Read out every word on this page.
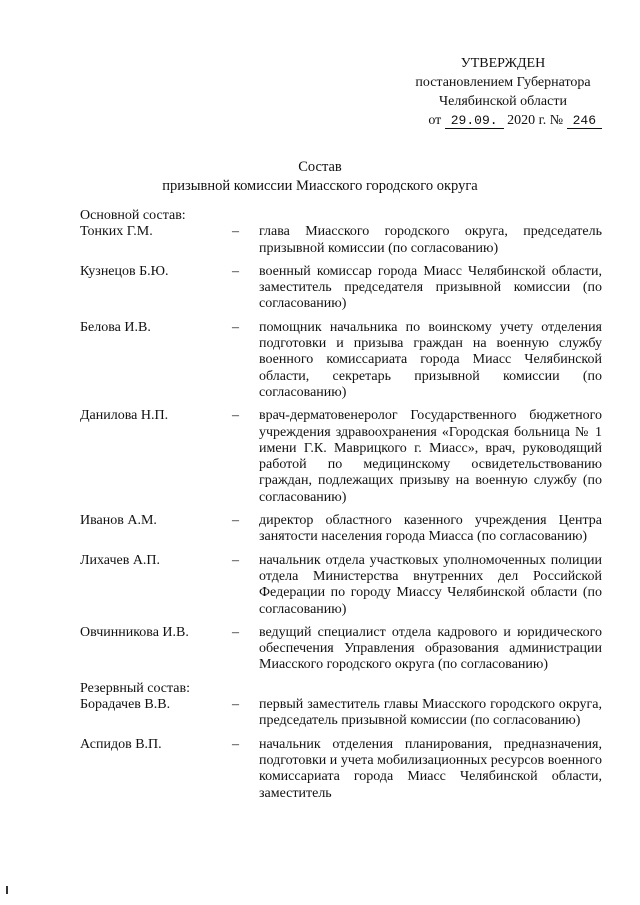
УТВЕРЖДЕН
постановлением Губернатора
Челябинской области
от 29.09. 2020 г. № 246
Состав
призывной комиссии Миасского городского округа
Основной состав:
Тонких Г.М.	–	глава Миасского городского округа, председатель призывной комиссии (по согласованию)
Кузнецов Б.Ю.	–	военный комиссар города Миасс Челябинской области, заместитель председателя призывной комиссии (по согласованию)
Белова И.В.	–	помощник начальника по воинскому учету отделения подготовки и призыва граждан на военную службу военного комиссариата города Миасс Челябинской области, секретарь призывной комиссии (по согласованию)
Данилова Н.П.	–	врач-дерматовенеролог Государственного бюджетного учреждения здравоохранения «Городская больница № 1 имени Г.К. Маврицкого г. Миасс», врач, руководящий работой по медицинскому освидетельствованию граждан, подлежащих призыву на военную службу (по согласованию)
Иванов А.М.	–	директор областного казенного учреждения Центра занятости населения города Миасса (по согласованию)
Лихачев А.П.	–	начальник отдела участковых уполномоченных полиции отдела Министерства внутренних дел Российской Федерации по городу Миассу Челябинской области (по согласованию)
Овчинникова И.В.	–	ведущий специалист отдела кадрового и юридического обеспечения Управления образования администрации Миасского городского округа (по согласованию)
Резервный состав:
Борадачев В.В.	–	первый заместитель главы Миасского городского округа, председатель призывной комиссии (по согласованию)
Аспидов В.П.	–	начальник отделения планирования, предназначения, подготовки и учета мобилизационных ресурсов военного комиссариата города Миасс Челябинской области, заместитель
